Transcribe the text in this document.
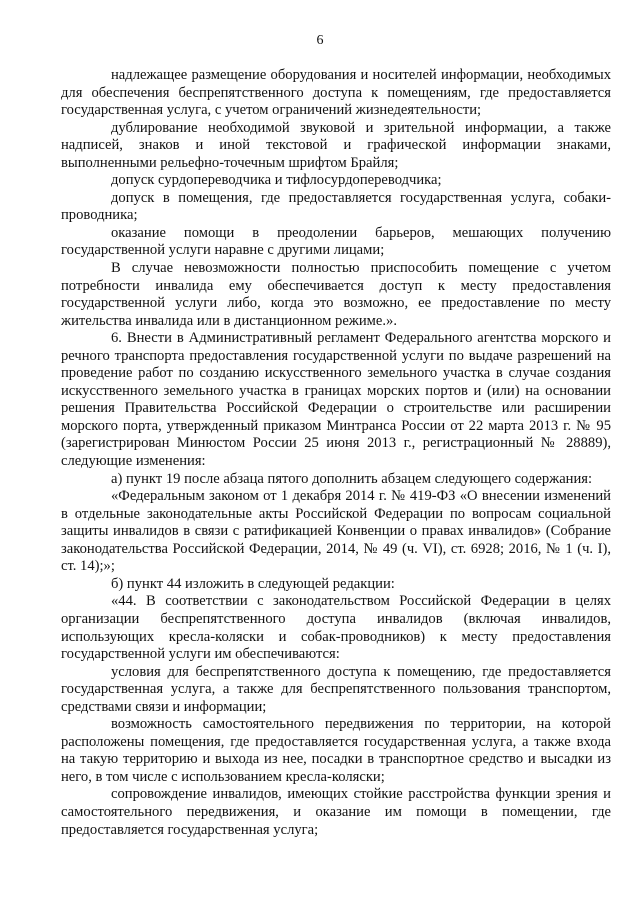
6

надлежащее размещение оборудования и носителей информации, необходимых для обеспечения беспрепятственного доступа к помещениям, где предоставляется государственная услуга, с учетом ограничений жизнедеятельности;

дублирование необходимой звуковой и зрительной информации, а также надписей, знаков и иной текстовой и графической информации знаками, выполненными рельефно-точечным шрифтом Брайля;

допуск сурдопереводчика и тифлосурдопереводчика;

допуск в помещения, где предоставляется государственная услуга, собаки-проводника;

оказание помощи в преодолении барьеров, мешающих получению государственной услуги наравне с другими лицами;

В случае невозможности полностью приспособить помещение с учетом потребности инвалида ему обеспечивается доступ к месту предоставления государственной услуги либо, когда это возможно, ее предоставление по месту жительства инвалида или в дистанционном режиме.».

6. Внести в Административный регламент Федерального агентства морского и речного транспорта предоставления государственной услуги по выдаче разрешений на проведение работ по созданию искусственного земельного участка в случае создания искусственного земельного участка в границах морских портов и (или) на основании решения Правительства Российской Федерации о строительстве или расширении морского порта, утвержденный приказом Минтранса России от 22 марта 2013 г. № 95 (зарегистрирован Минюстом России 25 июня 2013 г., регистрационный № 28889), следующие изменения:

а) пункт 19 после абзаца пятого дополнить абзацем следующего содержания:

«Федеральным законом от 1 декабря 2014 г. № 419-ФЗ «О внесении изменений в отдельные законодательные акты Российской Федерации по вопросам социальной защиты инвалидов в связи с ратификацией Конвенции о правах инвалидов» (Собрание законодательства Российской Федерации, 2014, № 49 (ч. VI), ст. 6928; 2016, № 1 (ч. I), ст. 14);»;

б) пункт 44 изложить в следующей редакции:

«44. В соответствии с законодательством Российской Федерации в целях организации беспрепятственного доступа инвалидов (включая инвалидов, использующих кресла-коляски и собак-проводников) к месту предоставления государственной услуги им обеспечиваются:

условия для беспрепятственного доступа к помещению, где предоставляется государственная услуга, а также для беспрепятственного пользования транспортом, средствами связи и информации;

возможность самостоятельного передвижения по территории, на которой расположены помещения, где предоставляется государственная услуга, а также входа на такую территорию и выхода из нее, посадки в транспортное средство и высадки из него, в том числе с использованием кресла-коляски;

сопровождение инвалидов, имеющих стойкие расстройства функции зрения и самостоятельного передвижения, и оказание им помощи в помещении, где предоставляется государственная услуга;
